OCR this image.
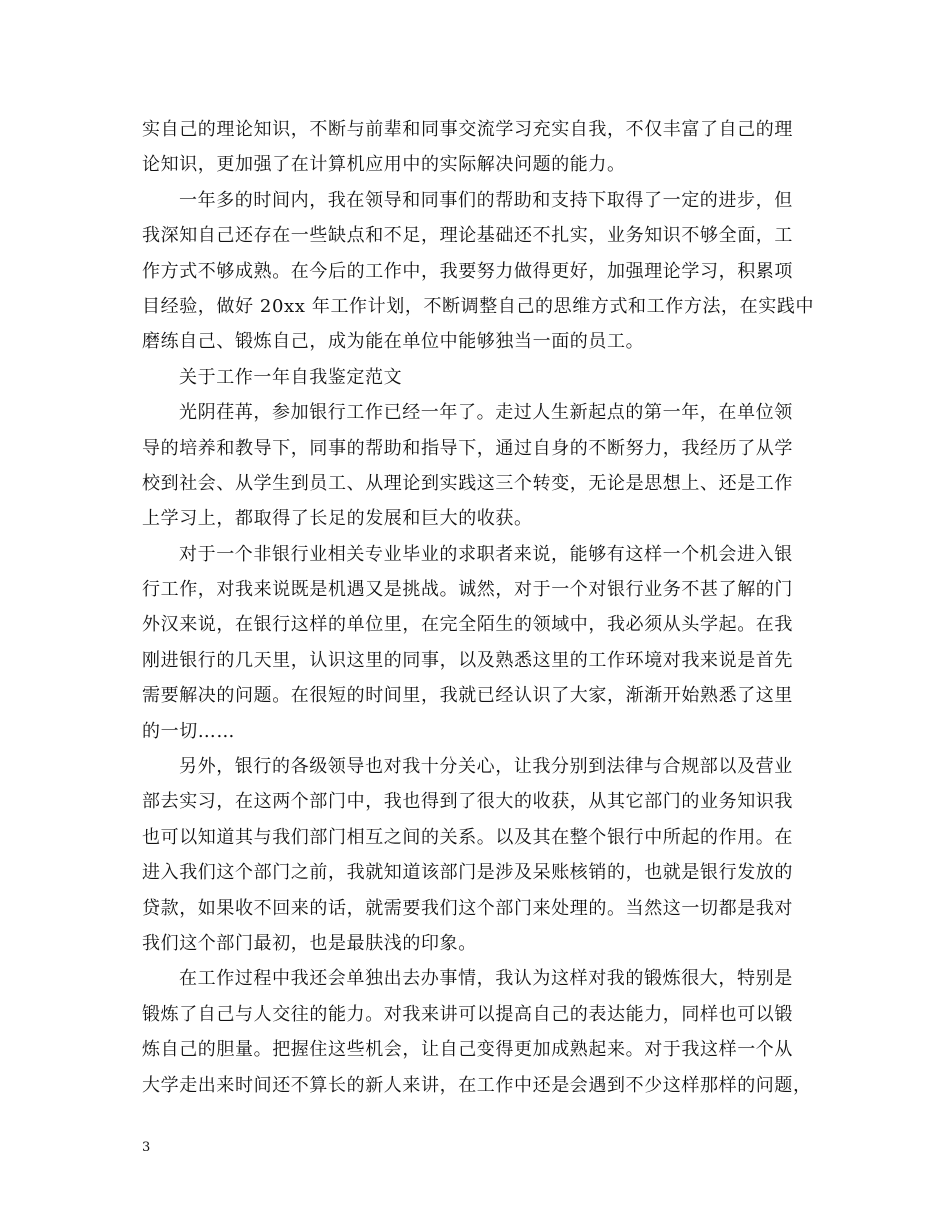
实自己的理论知识，不断与前辈和同事交流学习充实自我，不仅丰富了自己的理
论知识，更加强了在计算机应用中的实际解决问题的能力。
一年多的时间内，我在领导和同事们的帮助和支持下取得了一定的进步，但
我深知自己还存在一些缺点和不足，理论基础还不扎实，业务知识不够全面，工
作方式不够成熟。在今后的工作中，我要努力做得更好，加强理论学习，积累项
目经验，做好 20xx 年工作计划，不断调整自己的思维方式和工作方法，在实践中
磨练自己、锻炼自己，成为能在单位中能够独当一面的员工。
关于工作一年自我鉴定范文
光阴荏苒，参加银行工作已经一年了。走过人生新起点的第一年，在单位领
导的培养和教导下，同事的帮助和指导下，通过自身的不断努力，我经历了从学
校到社会、从学生到员工、从理论到实践这三个转变，无论是思想上、还是工作
上学习上，都取得了长足的发展和巨大的收获。
对于一个非银行业相关专业毕业的求职者来说，能够有这样一个机会进入银
行工作，对我来说既是机遇又是挑战。诚然，对于一个对银行业务不甚了解的门
外汉来说，在银行这样的单位里，在完全陌生的领域中，我必须从头学起。在我
刚进银行的几天里，认识这里的同事，以及熟悉这里的工作环境对我来说是首先
需要解决的问题。在很短的时间里，我就已经认识了大家，渐渐开始熟悉了这里
的一切……
另外，银行的各级领导也对我十分关心，让我分别到法律与合规部以及营业
部去实习，在这两个部门中，我也得到了很大的收获，从其它部门的业务知识我
也可以知道其与我们部门相互之间的关系。以及其在整个银行中所起的作用。在
进入我们这个部门之前，我就知道该部门是涉及呆账核销的，也就是银行发放的
贷款，如果收不回来的话，就需要我们这个部门来处理的。当然这一切都是我对
我们这个部门最初，也是最肤浅的印象。
在工作过程中我还会单独出去办事情，我认为这样对我的锻炼很大，特别是
锻炼了自己与人交往的能力。对我来讲可以提高自己的表达能力，同样也可以锻
炼自己的胆量。把握住这些机会，让自己变得更加成熟起来。对于我这样一个从
大学走出来时间还不算长的新人来讲，在工作中还是会遇到不少这样那样的问题，
3
